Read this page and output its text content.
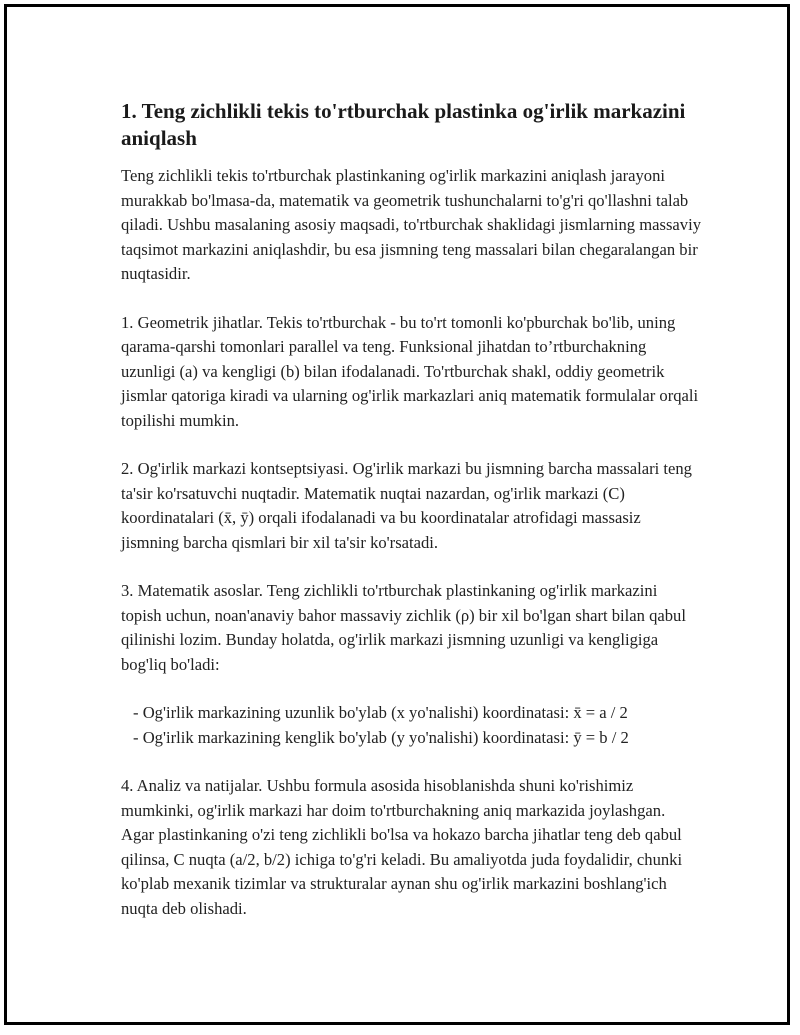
1. Teng zichlikli tekis to'rtburchak plastinka og'irlik markazini aniqlash

Teng zichlikli tekis to'rtburchak plastinkaning og'irlik markazini aniqlash jarayoni murakkab bo'lmasa-da, matematik va geometrik tushunchalarni to'g'ri qo'llashni talab qiladi. Ushbu masalaning asosiy maqsadi, to'rtburchak shaklidagi jismlarning massaviy taqsimot markazini aniqlashdir, bu esa jismning teng massalari bilan chegaralangan bir nuqtasidir.

1. Geometrik jihatlar. Tekis to'rtburchak - bu to'rt tomonli ko'pburchak bo'lib, uning qarama-qarshi tomonlari parallel va teng. Funksional jihatdan to’rtburchakning uzunligi (a) va kengligi (b) bilan ifodalanadi. To'rtburchak shakl, oddiy geometrik jismlar qatoriga kiradi va ularning og'irlik markazlari aniq matematik formulalar orqali topilishi mumkin.

2. Og'irlik markazi kontseptsiyasi. Og'irlik markazi bu jismning barcha massalari teng ta'sir ko'rsatuvchi nuqtadir. Matematik nuqtai nazardan, og'irlik markazi (C) koordinatalari (x̄, ȳ) orqali ifodalanadi va bu koordinatalar atrofidagi massasiz jismning barcha qismlari bir xil ta'sir ko'rsatadi.

3. Matematik asoslar. Teng zichlikli to'rtburchak plastinkaning og'irlik markazini topish uchun, noan'anaviy bahor massaviy zichlik (ρ) bir xil bo'lgan shart bilan qabul qilinishi lozim. Bunday holatda, og'irlik markazi jismning uzunligi va kengligiga bog'liq bo'ladi:

- Og'irlik markazining uzunlik bo'ylab (x yo'nalishi) koordinatasi: x̄ = a / 2
- Og'irlik markazining kenglik bo'ylab (y yo'nalishi) koordinatasi: ȳ = b / 2

4. Analiz va natijalar. Ushbu formula asosida hisoblanishda shuni ko'rishimiz mumkinki, og'irlik markazi har doim to'rtburchakning aniq markazida joylashgan. Agar plastinkaning o'zi teng zichlikli bo'lsa va hokazo barcha jihatlar teng deb qabul qilinsa, C nuqta (a/2, b/2) ichiga to'g'ri keladi. Bu amaliyotda juda foydalidir, chunki ko'plab mexanik tizimlar va strukturalar aynan shu og'irlik markazini boshlang'ich nuqta deb olishadi.
